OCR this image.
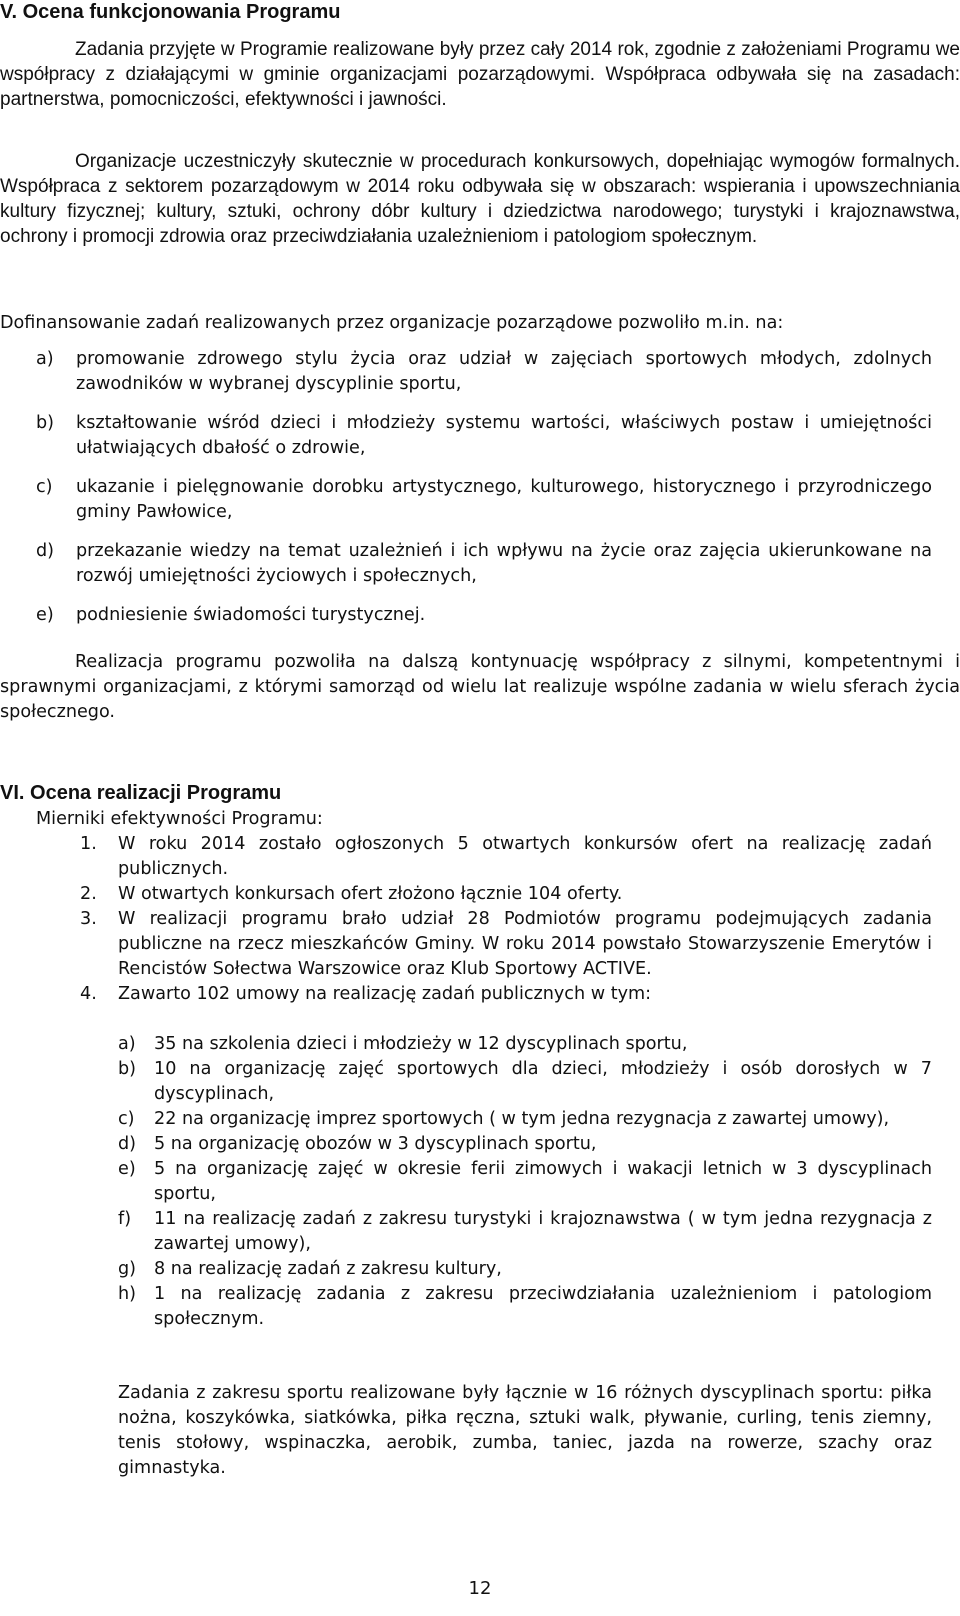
V. Ocena funkcjonowania Programu

Zadania przyjęte w Programie realizowane były przez cały 2014 rok, zgodnie z założeniami Programu we współpracy z działającymi w gminie organizacjami pozarządowymi. Współpraca odbywała się na zasadach: partnerstwa, pomocniczości, efektywności i jawności.

Organizacje uczestniczyły skutecznie w procedurach konkursowych, dopełniając wymogów formalnych. Współpraca z sektorem pozarządowym w 2014 roku odbywała się w obszarach: wspierania i upowszechniania kultury fizycznej; kultury, sztuki, ochrony dóbr kultury i dziedzictwa narodowego; turystyki i krajoznawstwa, ochrony i promocji zdrowia oraz przeciwdziałania uzależnieniom i patologiom społecznym.

Dofinansowanie zadań realizowanych przez organizacje pozarządowe pozwoliło m.in. na:

a)	promowanie zdrowego stylu życia oraz udział w zajęciach sportowych młodych, zdolnych zawodników w wybranej dyscyplinie sportu,
b)	kształtowanie wśród dzieci i młodzieży systemu wartości, właściwych postaw i umiejętności ułatwiających dbałość o zdrowie,
c)	ukazanie i pielęgnowanie dorobku artystycznego, kulturowego, historycznego i przyrodniczego gminy Pawłowice,
d)	przekazanie wiedzy na temat uzależnień i ich wpływu na życie oraz zajęcia ukierunkowane na rozwój umiejętności życiowych i społecznych,
e)	podniesienie świadomości turystycznej.

Realizacja programu pozwoliła na dalszą kontynuację współpracy z silnymi, kompetentnymi i sprawnymi organizacjami, z którymi samorząd od wielu lat realizuje wspólne zadania w wielu sferach życia społecznego.

VI. Ocena realizacji Programu
Mierniki efektywności Programu:
1.	W roku 2014 zostało ogłoszonych 5 otwartych konkursów ofert na realizację zadań publicznych.
2.	W otwartych konkursach ofert złożono łącznie 104 oferty.
3.	W realizacji programu brało udział 28 Podmiotów programu podejmujących zadania publiczne na rzecz mieszkańców Gminy. W roku 2014 powstało Stowarzyszenie Emerytów i Rencistów Sołectwa Warszowice oraz Klub Sportowy ACTIVE.
4.	Zawarto 102 umowy na realizację zadań publicznych w tym:
a)	35 na szkolenia dzieci i młodzieży w 12 dyscyplinach sportu,
b)	10 na organizację zajęć sportowych dla dzieci, młodzieży i osób dorosłych w 7 dyscyplinach,
c)	22 na organizację imprez sportowych ( w tym jedna rezygnacja z zawartej umowy),
d)	5 na organizację obozów w 3 dyscyplinach sportu,
e)	5 na organizację zajęć w okresie ferii zimowych i wakacji letnich w 3 dyscyplinach sportu,
f)	11 na realizację zadań z zakresu turystyki i krajoznawstwa ( w tym jedna rezygnacja z zawartej umowy),
g)	8 na realizację zadań z zakresu kultury,
h)	1 na realizację zadania z zakresu przeciwdziałania uzależnieniom i patologiom społecznym.

Zadania z zakresu sportu realizowane były łącznie w 16 różnych dyscyplinach sportu: piłka nożna, koszykówka, siatkówka, piłka ręczna, sztuki walk, pływanie, curling, tenis ziemny, tenis stołowy, wspinaczka, aerobik, zumba, taniec, jazda na rowerze, szachy oraz gimnastyka.

12
